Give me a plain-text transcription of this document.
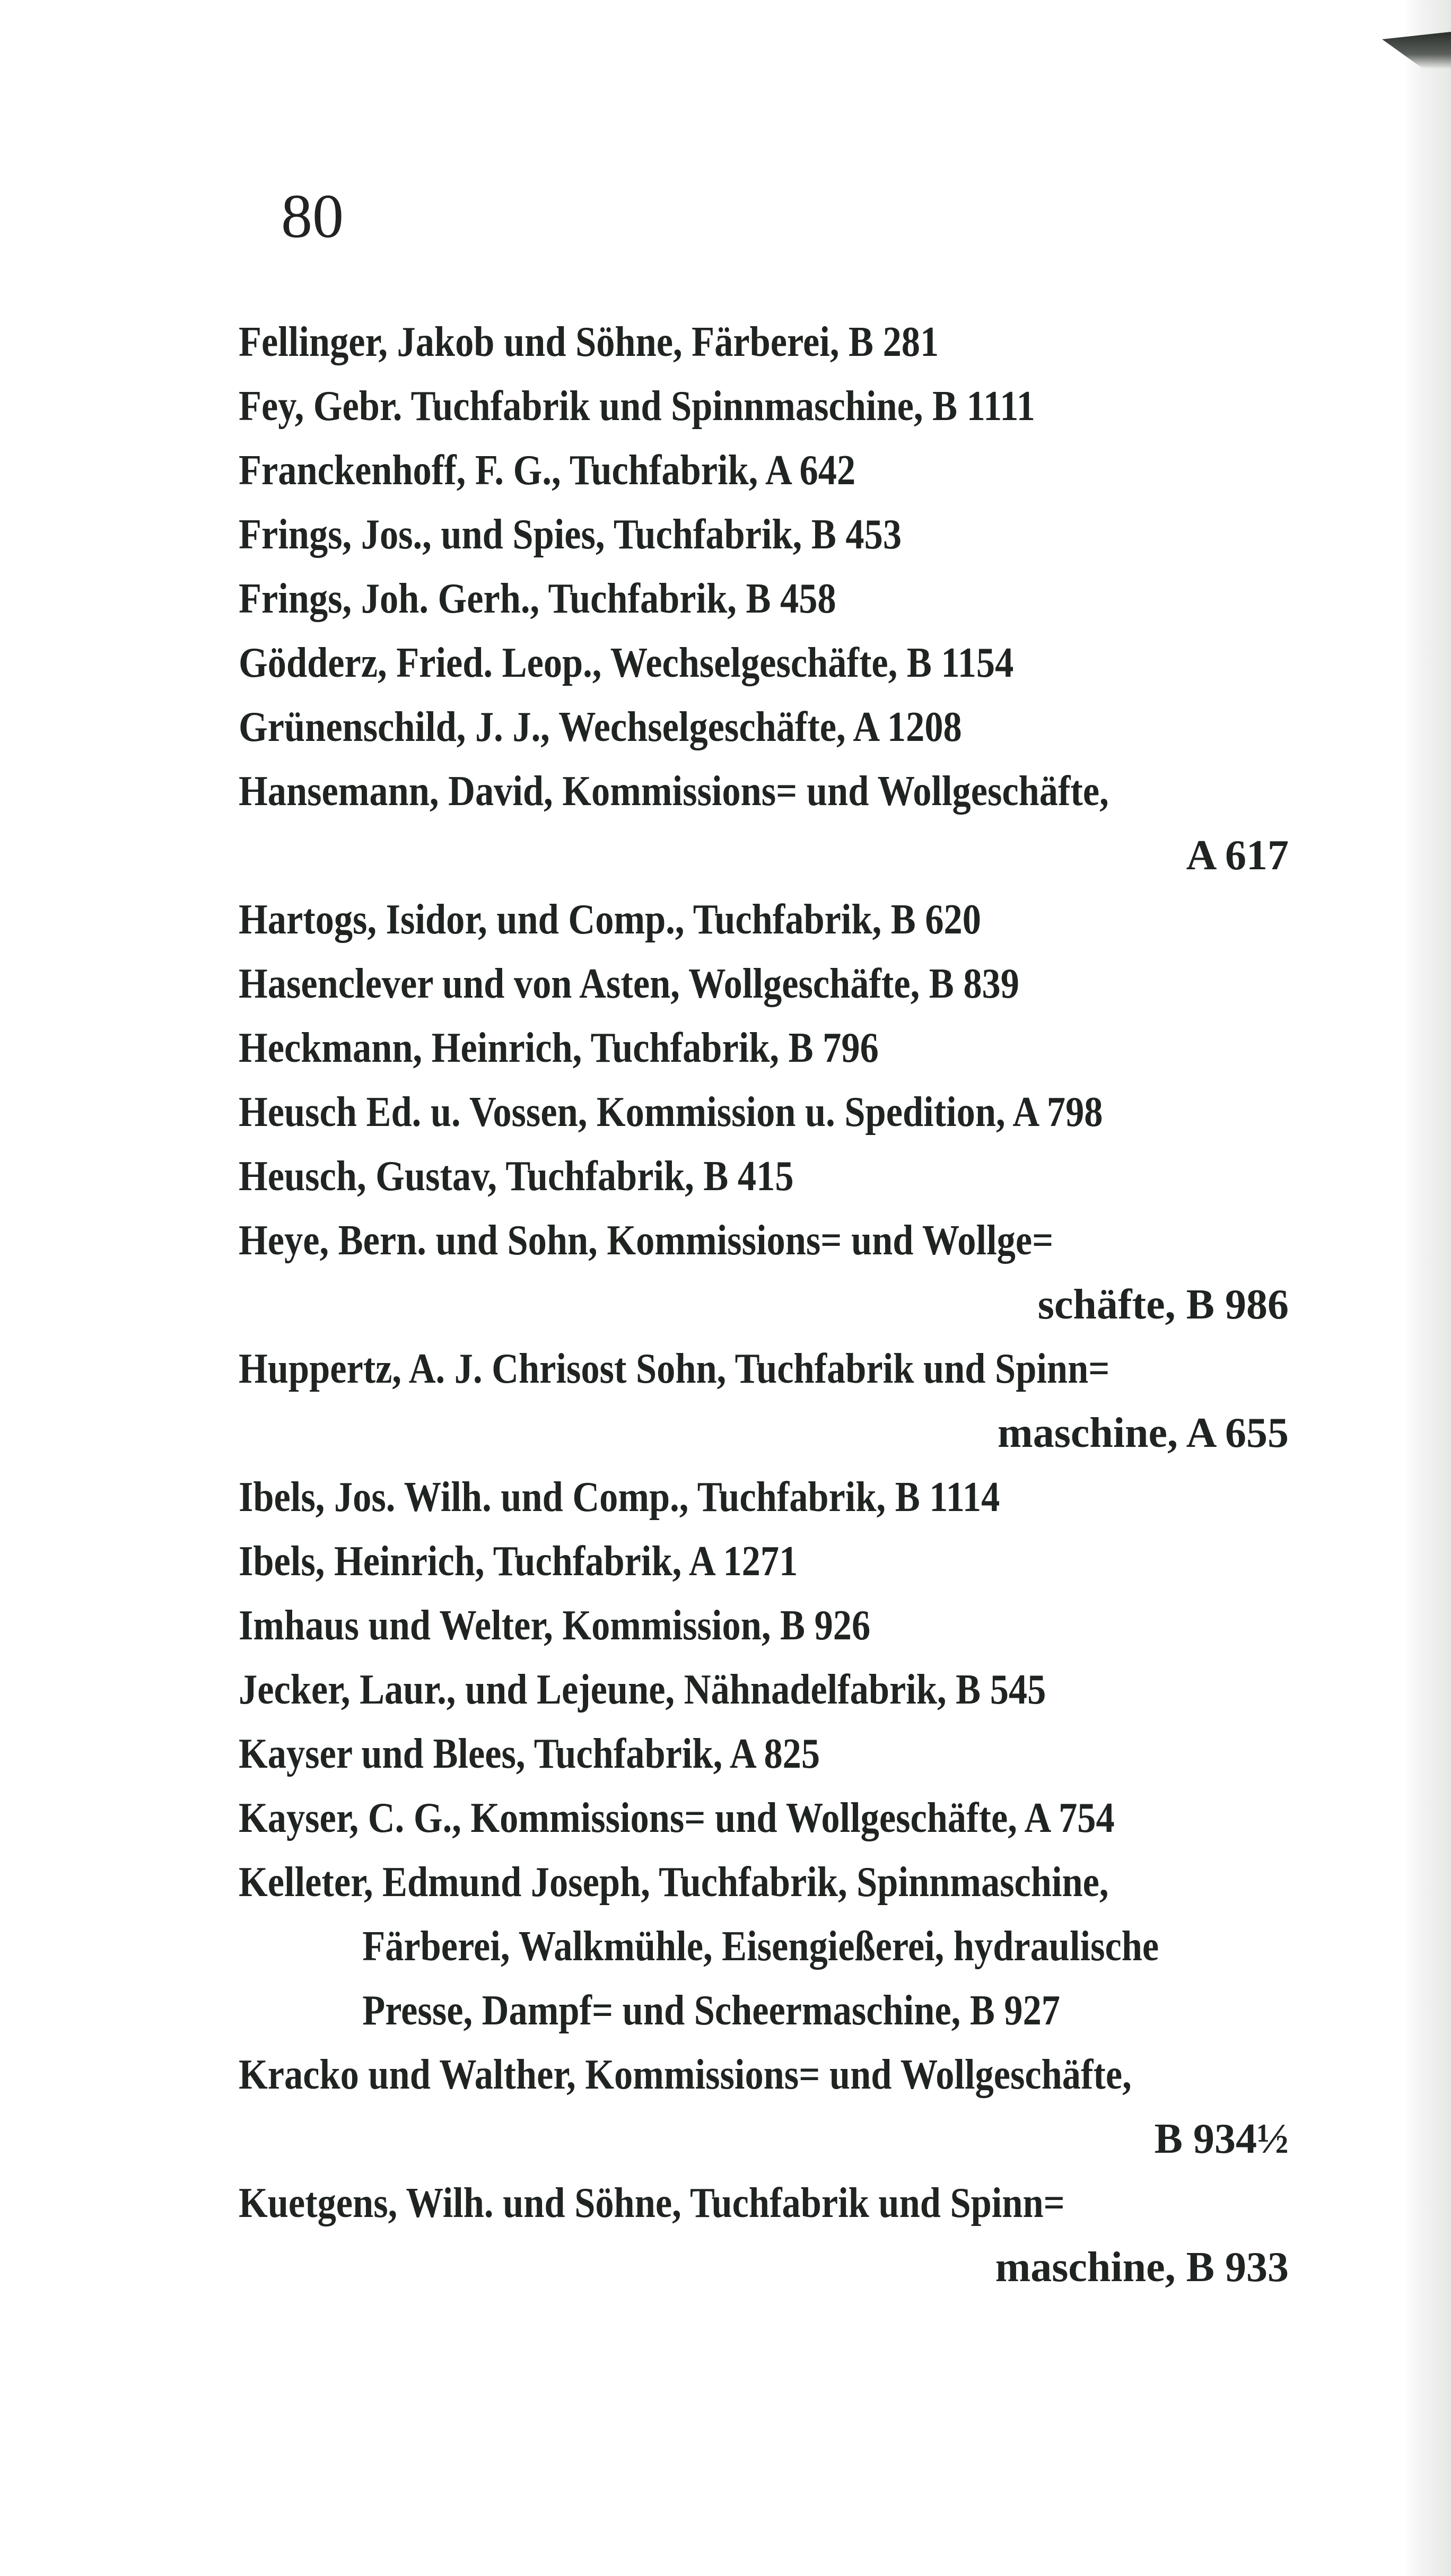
80
Fellinger, Jakob und Söhne, Färberei, B 281
Fey, Gebr. Tuchfabrik und Spinnmaschine, B 1111
Franckenhoff, F. G., Tuchfabrik, A 642
Frings, Jos., und Spies, Tuchfabrik, B 453
Frings, Joh. Gerh., Tuchfabrik, B 458
Gödderz, Fried. Leop., Wechselgeschäfte, B 1154
Grünenschild, J. J., Wechselgeschäfte, A 1208
Hansemann, David, Kommissions= und Wollgeschäfte,
A 617
Hartogs, Isidor, und Comp., Tuchfabrik, B 620
Hasenclever und von Asten, Wollgeschäfte, B 839
Heckmann, Heinrich, Tuchfabrik, B 796
Heusch Ed. u. Vossen, Kommission u. Spedition, A 798
Heusch, Gustav, Tuchfabrik, B 415
Heye, Bern. und Sohn, Kommissions= und Wollge=
schäfte, B 986
Huppertz, A. J. Chrisost Sohn, Tuchfabrik und Spinn=
maschine, A 655
Ibels, Jos. Wilh. und Comp., Tuchfabrik, B 1114
Ibels, Heinrich, Tuchfabrik, A 1271
Imhaus und Welter, Kommission, B 926
Jecker, Laur., und Lejeune, Nähnadelfabrik, B 545
Kayser und Blees, Tuchfabrik, A 825
Kayser, C. G., Kommissions= und Wollgeschäfte, A 754
Kelleter, Edmund Joseph, Tuchfabrik, Spinnmaschine,
Färberei, Walkmühle, Eisengießerei, hydraulische
Presse, Dampf= und Scheermaschine, B 927
Kracko und Walther, Kommissions= und Wollgeschäfte,
B 934½
Kuetgens, Wilh. und Söhne, Tuchfabrik und Spinn=
maschine, B 933
